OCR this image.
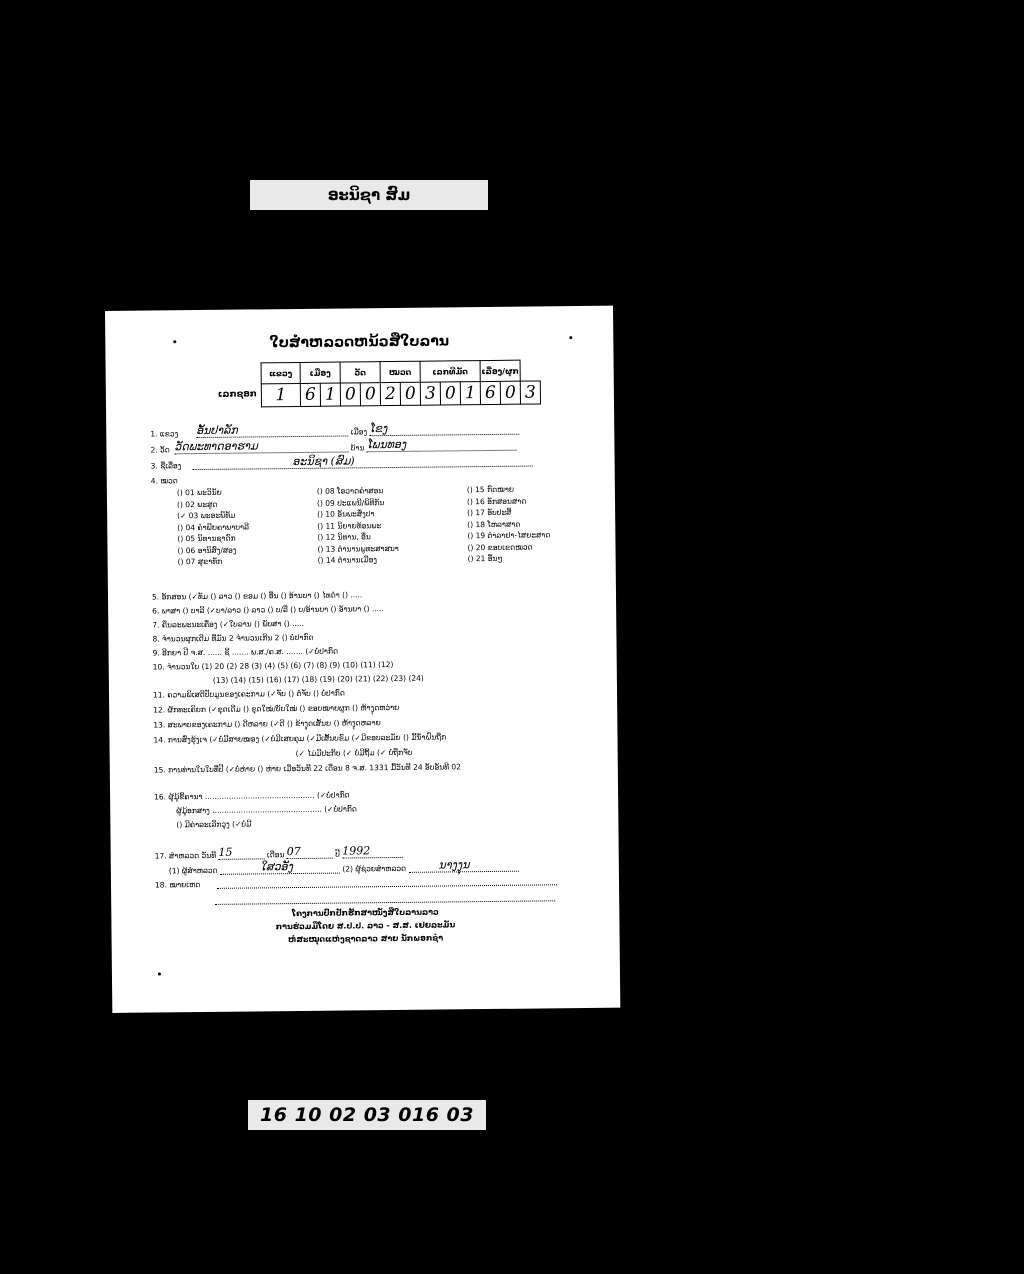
ອະນິຊາ ສົມ
ໃບສໍາຫລວດຫນ້ວສືໃບລານ
ເລກຊອກ
ແຂວງ	ເມືອງ		ວັດ		ໝວດ		ເລກທີມັດ			ເລື່ອງ/ຜູກ		
1	6	1	0	0	2	0	3	0	1	6	0	3
1. ແຂວງ ອັ້ນປາລັກ	ເມືອງ ໂຂງ
2. ວັດ ວັດພະທາດອາຮາມ	ບ້ານ ໂພນທອງ
3. ຊື່ເລື່ອງ	ອະນິຊາ (ສົມ)
4. ໝວດ
() 01 ພະວິນັຍ
() 02 ພະສູດ
(✓ 03 ພະອະພິທັມ
() 04 ຄໍາພີຍຄາພາບາລີ
() 05 ນິທານຊາດົກ
() 06 ອານິສົງ/ສອງ
() 07 ສຸຂາທັກ
() 08 ໂອວາດຄໍາສອນ
() 09 ປະແພນີ/ພິທີກັນ
() 10 ອັນພະສຶ່ງປາ
() 11 ນິຍາຍທ້ອນພະ
() 12 ນິທານ, ອື່ນ
() 13 ຕໍານານພູທະສາສນາ
() 14 ຕໍານານເມືອງ
() 15 ກົດໝາຍ
() 16 ອັກສອນສາດ
() 17 ອັບປະສຶ
() 18 ໂຫລາສາດ
() 19 ຕໍາລາຢາ-ໄສຍະສາດ
() 20 ຂອບເຂດໝວດ
() 21 ອື່ນໆ
5. ອັກສອນ (✓ທັມ () ລາວ () ຂອມ () ອື່ນ () ອ້ານບາ () ໄທດໍາ () .....
6. ພາສາ () ບາລີ (✓ບາ/ລາວ () ລາວ () ບ/ລື () ບ/ອ້ານບາ () ອ້ານບາ () .....
7. ຄືນລະພະນະເຄື່ອງ (✓ໃບລານ () ພັບສາ () .....
8. ຈໍານວນຜູກເດີມ ທີ່ມັນ 2 ຈໍານວນເກີນ 2 () ບໍ່ປາກົດ
9. ອີກຍາ ປີ ຈ.ສ. ...... ຊີ ....... ພ.ສ./ຄ.ສ. ....... (✓ບໍ່ປາກົດ
10. ຈໍານວນໃບ (1) 20 (2) 28 (3) (4) (5) (6) (7) (8) (9) (10) (11) (12)
(13) (14) (15) (16) (17) (18) (19) (20) (21) (22) (23) (24)
11. ຄວາມພິເສດີປັບມູນຂອງເຄະກາມ (✓ຈັບ () ຕໍ່ຈັບ () ບໍ່ປາກົດ
12. ຜັກທະເຄິຍກ (✓ຂຸດເດີມ () ຂຸດໃໝ່/ບັບໃໝ່ () ຂອບໝາຍຜູກ () ຫ້າງຸດຫວ່າຍ
13. ສະພາບຂອງເຄະກາມ () ດີຫລາຍ (✓ດີ () ຂ້າງຸດເສັ້ນຍ () ຫ້າງຸດຫລາຍ
14. ການສົ່ງຮຸ້ງເຈ (✓ບໍ່ມີສາຍໝອງ (✓ບໍ່ມີເສຍຄຸມ (✓ມີເສັ້ນບຂົມ (✓ມີຂອບລະມັຍ () ມີ້ນ້ໍາຝົນຖືກ
(✓ ໄມ່ມີປະກິບ (✓ ບໍ່ມີຖີ້ມ (✓ ບໍ່ຖືກຈັບ
15. ການທ່ານໃນໃບທີ່ປີ (✓ບໍ່ຫ່າຍ () ຫ່າຍ ເມື່ອວັນທີ 22 ເດືອນ 8 ຈ.ສ. 1331 ມື້ວັນທີ 24 ອັບອັນທີ 02
16. ຜູ້ມູ້ຂີ້ຄານາ .............................................. (✓ບໍ່ປາກົດ
ຜູ້ມູ້ອກສາງ .............................................. (✓ບໍ່ປາກົດ
() ມີຄ່າລະເລີກວຸງ (✓ບໍ່ມີ
17. ສໍາຫລວດ ວັນທີ 15	ເດືອນ 07	ປີ 1992
(1) ຜູ້ສໍາຫລວດ	ໃສວອັງ	(2) ຜູ້ຊ່ວຍສໍາຫລວດ	ນາງງຸນ
18. ໝາຍເຫດ
ໂຄງການປົກປັກຮັກສາໜັງສືໃບລານລາວ
ການຮ່ວມມືໂດຍ ສ.ປ.ປ. ລາວ - ສ.ສ. ເຢຍລະມັນ
ຫໍສະໝຸດແຫ່ງຊາດລາວ ສາຍ ນັກພອກຊໍາ
16 10 02 03 016 03
